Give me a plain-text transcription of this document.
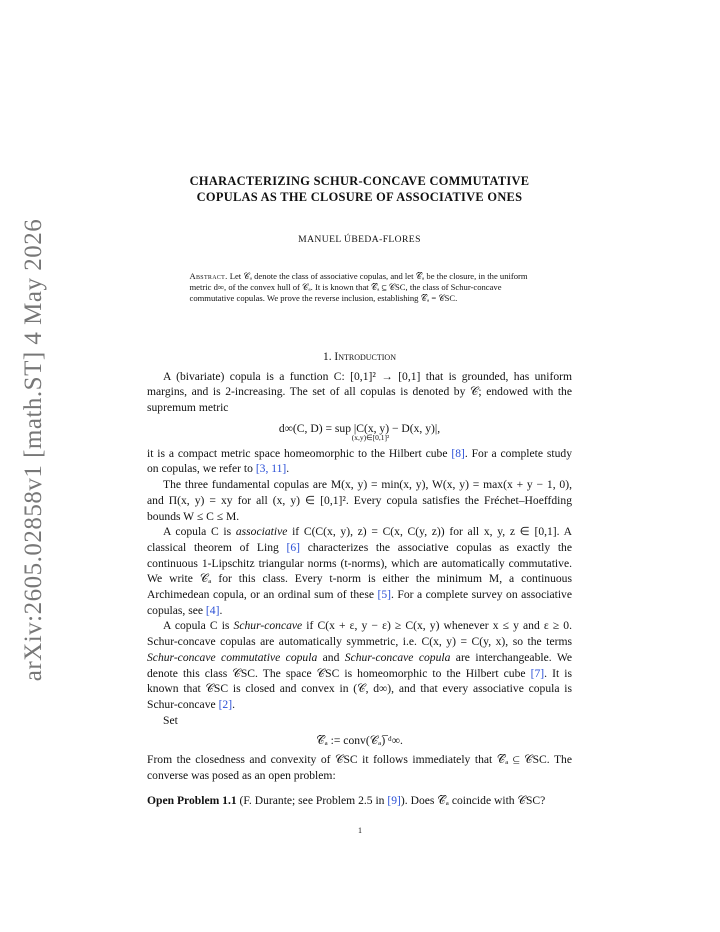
arXiv:2605.02858v1 [math.ST] 4 May 2026
CHARACTERIZING SCHUR-CONCAVE COMMUTATIVE
COPULAS AS THE CLOSURE OF ASSOCIATIVE ONES
MANUEL ÚBEDA-FLORES
Abstract. Let 𝒞ₐ denote the class of associative copulas, and let 𝒞̅ₐ be the closure, in the uniform metric d∞, of the convex hull of 𝒞ₐ. It is known that 𝒞̅ₐ ⊆ 𝒞SC, the class of Schur-concave commutative copulas. We prove the reverse inclusion, establishing 𝒞̅ₐ = 𝒞SC.
1. Introduction

A (bivariate) copula is a function C: [0,1]² → [0,1] that is grounded, has uniform margins, and is 2-increasing. The set of all copulas is denoted by 𝒞; endowed with the supremum metric

d∞(C, D) = sup |C(x, y) − D(x, y)|,
(x,y)∈[0,1]²

it is a compact metric space homeomorphic to the Hilbert cube [8]. For a complete study on copulas, we refer to [3, 11].

The three fundamental copulas are M(x, y) = min(x, y), W(x, y) = max(x + y − 1, 0), and Π(x, y) = xy for all (x, y) ∈ [0,1]². Every copula satisfies the Fréchet–Hoeffding bounds W ≤ C ≤ M.

A copula C is associative if C(C(x, y), z) = C(x, C(y, z)) for all x, y, z ∈ [0,1]. A classical theorem of Ling [6] characterizes the associative copulas as exactly the continuous 1-Lipschitz triangular norms (t-norms), which are automatically commutative. We write 𝒞ₐ for this class. Every t-norm is either the minimum M, a continuous Archimedean copula, or an ordinal sum of these [5]. For a complete survey on associative copulas, see [4].

A copula C is Schur-concave if C(x + ε, y − ε) ≥ C(x, y) whenever x ≤ y and ε ≥ 0. Schur-concave copulas are automatically symmetric, i.e. C(x, y) = C(y, x), so the terms Schur-concave commutative copula and Schur-concave copula are interchangeable. We denote this class 𝒞SC. The space 𝒞SC is homeomorphic to the Hilbert cube [7]. It is known that 𝒞SC is closed and convex in (𝒞, d∞), and that every associative copula is Schur-concave [2].

Set

𝒞̅ₐ := conv(𝒞ₐ)̅ ᵈ∞.

From the closedness and convexity of 𝒞SC it follows immediately that 𝒞̅ₐ ⊆ 𝒞SC. The converse was posed as an open problem:

Open Problem 1.1 (F. Durante; see Problem 2.5 in [9]). Does 𝒞̅ₐ coincide with 𝒞SC?
1
